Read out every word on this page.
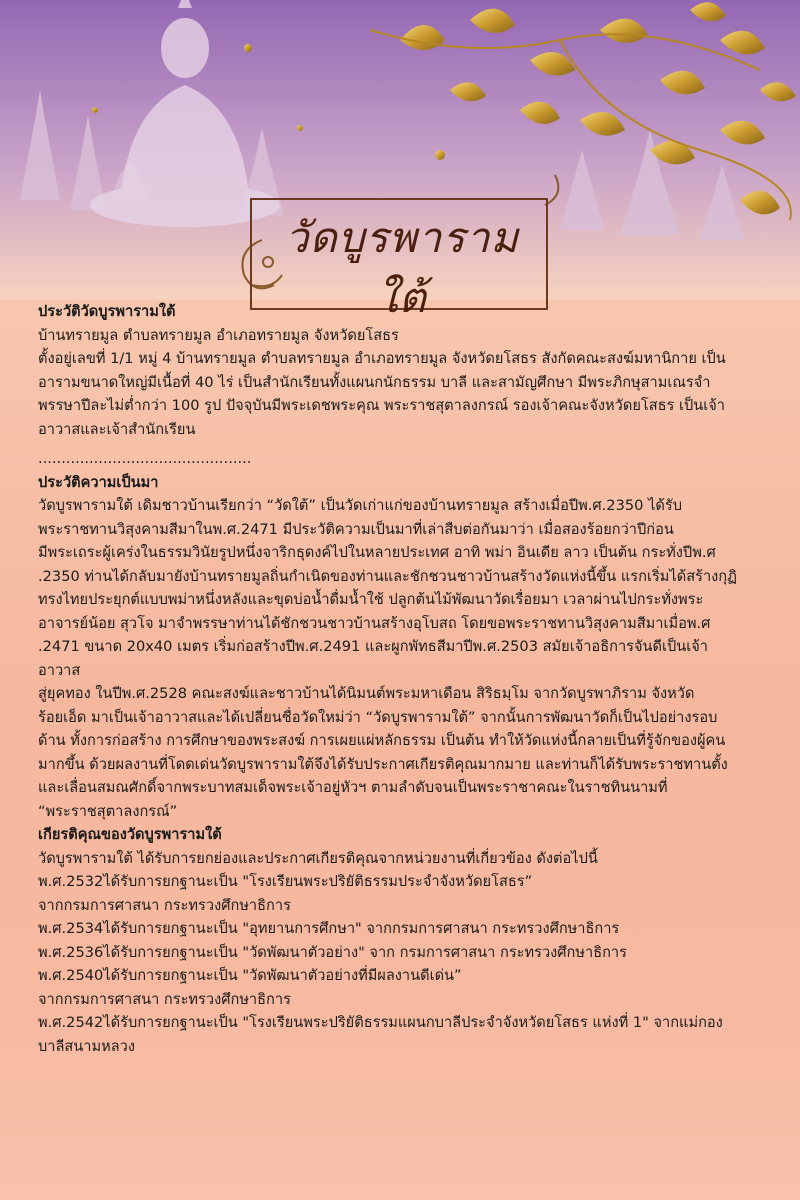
วัดบูรพารามใต้
ประวัติวัดบูรพารามใต้
บ้านทรายมูล ตำบลทรายมูล อำเภอทรายมูล จังหวัดยโสธร
ตั้งอยู่เลขที่ 1/1 หมู่ 4 บ้านทรายมูล ตำบลทรายมูล อำเภอทรายมูล จังหวัดยโสธร สังกัดคณะสงฆ์มหานิกาย เป็น
อารามขนาดใหญ่มีเนื้อที่ 40 ไร่ เป็นสำนักเรียนทั้งแผนกนักธรรม บาลี และสามัญศึกษา มีพระภิกษุสามเณรจำ
พรรษาปีละไม่ต่ำกว่า 100 รูป ปัจจุบันมีพระเดชพระคุณ พระราชสุตาลงกรณ์ รองเจ้าคณะจังหวัดยโสธร เป็นเจ้า
อาวาสและเจ้าสำนักเรียน
..............................................
ประวัติความเป็นมา
วัดบูรพารามใต้ เดิมชาวบ้านเรียกว่า “วัดใต้” เป็นวัดเก่าแก่ของบ้านทรายมูล สร้างเมื่อปีพ.ศ.2350 ได้รับ
พระราชทานวิสุงคามสีมาในพ.ศ.2471 มีประวัติความเป็นมาที่เล่าสืบต่อกันมาว่า เมื่อสองร้อยกว่าปีก่อน
มีพระเถระผู้เคร่งในธรรมวินัยรูปหนึ่งจาริกธุดงค์ไปในหลายประเทศ อาทิ พม่า อินเดีย ลาว เป็นต้น กระทั่งปีพ.ศ
.2350 ท่านได้กลับมายังบ้านทรายมูลถิ่นกำเนิดของท่านและชักชวนชาวบ้านสร้างวัดแห่งนี้ขึ้น แรกเริ่มได้สร้างกุฏิ
ทรงไทยประยุกต์แบบพม่าหนึ่งหลังและขุดบ่อน้ำดื่มน้ำใช้ ปลูกต้นไม้พัฒนาวัดเรื่อยมา เวลาผ่านไปกระทั่งพระ
อาจารย์น้อย สุวโจ มาจำพรรษาท่านได้ชักชวนชาวบ้านสร้างอุโบสถ โดยขอพระราชทานวิสุงคามสีมาเมื่อพ.ศ
.2471 ขนาด 20x40 เมตร เริ่มก่อสร้างปีพ.ศ.2491 และผูกพัทธสีมาปีพ.ศ.2503 สมัยเจ้าอธิการจันดีเป็นเจ้า
อาวาส
สู่ยุคทอง ในปีพ.ศ.2528 คณะสงฆ์และชาวบ้านได้นิมนต์พระมหาเดือน สิริธมฺโม จากวัดบูรพาภิราม จังหวัด
ร้อยเอ็ด มาเป็นเจ้าอาวาสและได้เปลี่ยนชื่อวัดใหม่ว่า “วัดบูรพารามใต้” จากนั้นการพัฒนาวัดก็เป็นไปอย่างรอบ
ด้าน ทั้งการก่อสร้าง การศึกษาของพระสงฆ์ การเผยแผ่หลักธรรม เป็นต้น ทำให้วัดแห่งนี้กลายเป็นที่รู้จักของผู้คน
มากขึ้น ด้วยผลงานที่โดดเด่นวัดบูรพารามใต้จึงได้รับประกาศเกียรติคุณมากมาย และท่านก็ได้รับพระราชทานตั้ง
และเลื่อนสมณศักดิ์จากพระบาทสมเด็จพระเจ้าอยู่หัวฯ ตามลำดับจนเป็นพระราชาคณะในราชทินนามที่
“พระราชสุตาลงกรณ์”
เกียรติคุณของวัดบูรพารามใต้
วัดบูรพารามใต้ ได้รับการยกย่องและประกาศเกียรติคุณจากหน่วยงานที่เกี่ยวข้อง ดังต่อไปนี้
พ.ศ.2532ได้รับการยกฐานะเป็น "โรงเรียนพระปริยัติธรรมประจำจังหวัดยโสธร”
จากกรมการศาสนา กระทรวงศึกษาธิการ
พ.ศ.2534ได้รับการยกฐานะเป็น "อุทยานการศึกษา" จากกรมการศาสนา กระทรวงศึกษาธิการ
พ.ศ.2536ได้รับการยกฐานะเป็น "วัดพัฒนาตัวอย่าง" จาก กรมการศาสนา กระทรวงศึกษาธิการ
พ.ศ.2540ได้รับการยกฐานะเป็น "วัดพัฒนาตัวอย่างที่มีผลงานดีเด่น”
จากกรมการศาสนา กระทรวงศึกษาธิการ
พ.ศ.2542ได้รับการยกฐานะเป็น "โรงเรียนพระปริยัติธรรมแผนกบาลีประจำจังหวัดยโสธร แห่งที่ 1" จากแม่กอง
บาลีสนามหลวง
